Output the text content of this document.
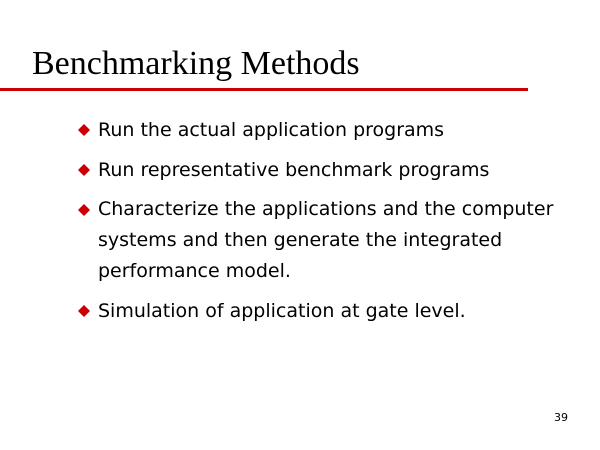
Benchmarking Methods
Run the actual application programs
Run representative benchmark programs
Characterize the applications and the computer systems and then generate the integrated performance model.
Simulation of application at gate level.
39
